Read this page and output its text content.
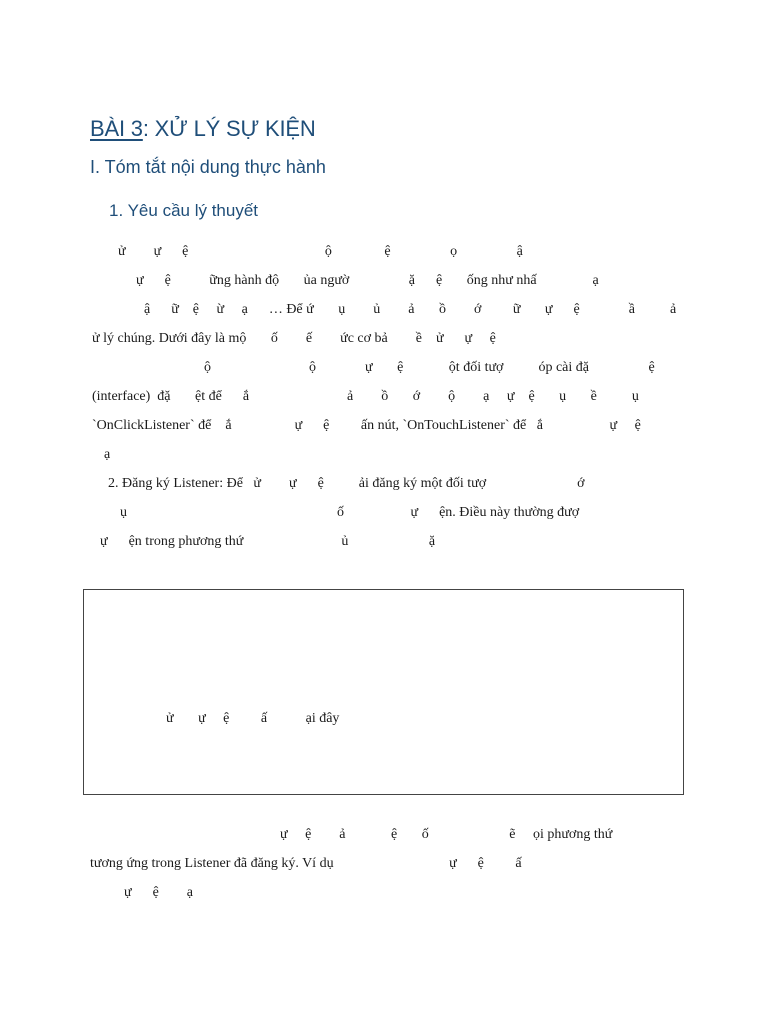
BÀI 3: XỬ LÝ SỰ KIỆN
I. Tóm tắt nội dung thực hành
1. Yêu cầu lý thuyết
ử        ự      ệ                                       ộ               ệ                 ọ                 ậ
ự      ệ           ững hành độ       ủa ngườ                 ặ      ệ       ống như nhấ                ạ
ậ      ữ    ệ     ừ     ạ      … Để ứ       ụ        ủ        ả       ồ        ớ         ữ       ự      ệ              ầ          ả
ử lý chúng. Dưới đây là mộ       ố        ế        ức cơ bả        ề    ử      ự     ệ
ộ                            ộ              ự       ệ             ột đối tượ          óp cài đặ                 ệ
(interface)  đặ       ệt để      ắ                            ả        ồ       ớ        ộ        ạ     ự    ệ       ụ       ề          ụ
`OnClickListener` để    ắ                  ự      ệ         ấn nút, `OnTouchListener` để   ắ                   ự     ệ
ạ
2. Đăng ký Listener: Để   ử        ự      ệ          ải đăng ký một đối tượ                          ớ
ụ                                                            ố                   ự      ện. Điều này thường đượ
ự      ện trong phương thứ                            ủ                       ặ
ử       ự     ệ         ấ           ại đây
ự     ệ        ả             ệ       ố                       ẽ     ọi phương thứ
tương ứng trong Listener đã đăng ký. Ví dụ                                 ự      ệ         ấ
ự      ệ        ạ
